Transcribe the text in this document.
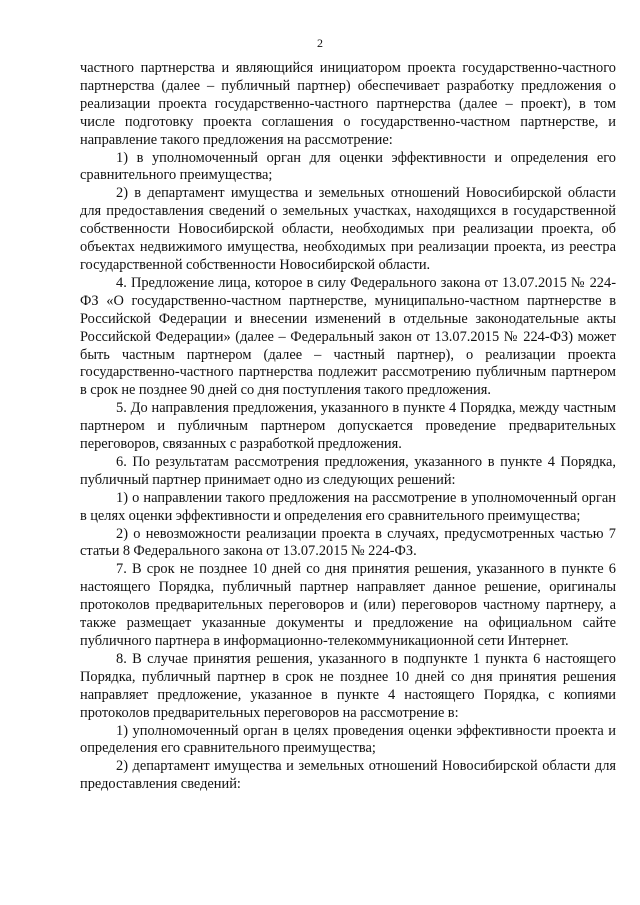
2

частного партнерства и являющийся инициатором проекта государственно-частного партнерства (далее – публичный партнер) обеспечивает разработку предложения о реализации проекта государственно-частного партнерства (далее – проект), в том числе подготовку проекта соглашения о государственно-частном партнерстве, и направление такого предложения на рассмотрение:

1) в уполномоченный орган для оценки эффективности и определения его сравнительного преимущества;

2) в департамент имущества и земельных отношений Новосибирской области для предоставления сведений о земельных участках, находящихся в государственной собственности Новосибирской области, необходимых при реализации проекта, об объектах недвижимого имущества, необходимых при реализации проекта, из реестра государственной собственности Новосибирской области.

4. Предложение лица, которое в силу Федерального закона от 13.07.2015 № 224-ФЗ «О государственно-частном партнерстве, муниципально-частном партнерстве в Российской Федерации и внесении изменений в отдельные законодательные акты Российской Федерации» (далее – Федеральный закон от 13.07.2015 № 224-ФЗ) может быть частным партнером (далее – частный партнер), о реализации проекта государственно-частного партнерства подлежит рассмотрению публичным партнером в срок не позднее 90 дней со дня поступления такого предложения.

5. До направления предложения, указанного в пункте 4 Порядка, между частным партнером и публичным партнером допускается проведение предварительных переговоров, связанных с разработкой предложения.

6. По результатам рассмотрения предложения, указанного в пункте 4 Порядка, публичный партнер принимает одно из следующих решений:

1) о направлении такого предложения на рассмотрение в уполномоченный орган в целях оценки эффективности и определения его сравнительного преимущества;

2) о невозможности реализации проекта в случаях, предусмотренных частью 7 статьи 8 Федерального закона от 13.07.2015 № 224-ФЗ.

7. В срок не позднее 10 дней со дня принятия решения, указанного в пункте 6 настоящего Порядка, публичный партнер направляет данное решение, оригиналы протоколов предварительных переговоров и (или) переговоров частному партнеру, а также размещает указанные документы и предложение на официальном сайте публичного партнера в информационно-телекоммуникационной сети Интернет.

8. В случае принятия решения, указанного в подпункте 1 пункта 6 настоящего Порядка, публичный партнер в срок не позднее 10 дней со дня принятия решения направляет предложение, указанное в пункте 4 настоящего Порядка, с копиями протоколов предварительных переговоров на рассмотрение в:

1) уполномоченный орган в целях проведения оценки эффективности проекта и определения его сравнительного преимущества;

2) департамент имущества и земельных отношений Новосибирской области для предоставления сведений:
